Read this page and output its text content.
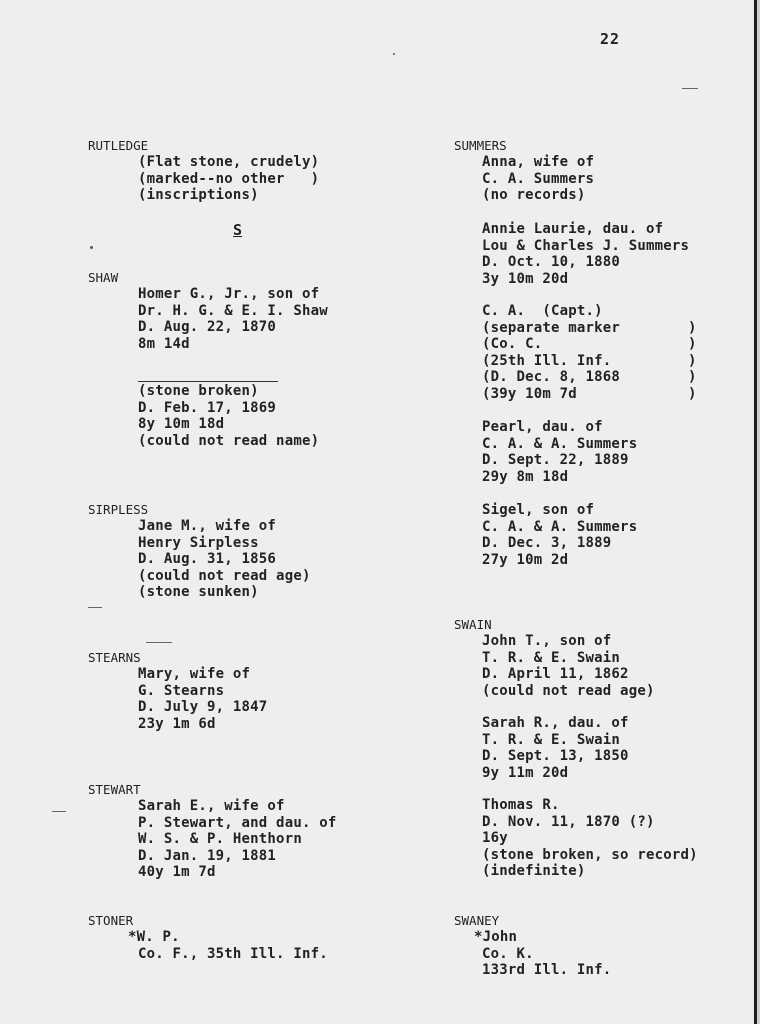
22

RUTLEDGE

(Flat stone, crudely)

(marked--no other   )

(inscriptions)

S

SHAW

Homer G., Jr., son of

Dr. H. G. & E. I. Shaw

D. Aug. 22, 1870

8m 14d

(stone broken)

D. Feb. 17, 1869

8y 10m 18d

(could not read name)

SIRPLESS

Jane M., wife of

Henry Sirpless

D. Aug. 31, 1856

(could not read age)

(stone sunken)

STEARNS

Mary, wife of

G. Stearns

D. July 9, 1847

23y 1m 6d

STEWART

Sarah E., wife of

P. Stewart, and dau. of

W. S. & P. Henthorn

D. Jan. 19, 1881

40y 1m 7d

STONER

*W. P.

Co. F., 35th Ill. Inf.

SUMMERS

Anna, wife of

C. A. Summers

(no records)

Annie Laurie, dau. of

Lou & Charles J. Summers

D. Oct. 10, 1880

3y 10m 20d

C. A.  (Capt.)

(separate marker

(Co. C.

(25th Ill. Inf.

(D. Dec. 8, 1868

(39y 10m 7d

)
)
)
)
)

Pearl, dau. of

C. A. & A. Summers

D. Sept. 22, 1889

29y 8m 18d

Sigel, son of

C. A. & A. Summers

D. Dec. 3, 1889

27y 10m 2d

SWAIN

John T., son of

T. R. & E. Swain

D. April 11, 1862

(could not read age)

Sarah R., dau. of

T. R. & E. Swain

D. Sept. 13, 1850

9y 11m 20d

Thomas R.

D. Nov. 11, 1870 (?)

16y

(stone broken, so record)

(indefinite)

SWANEY

*John

Co. K.

133rd Ill. Inf.
